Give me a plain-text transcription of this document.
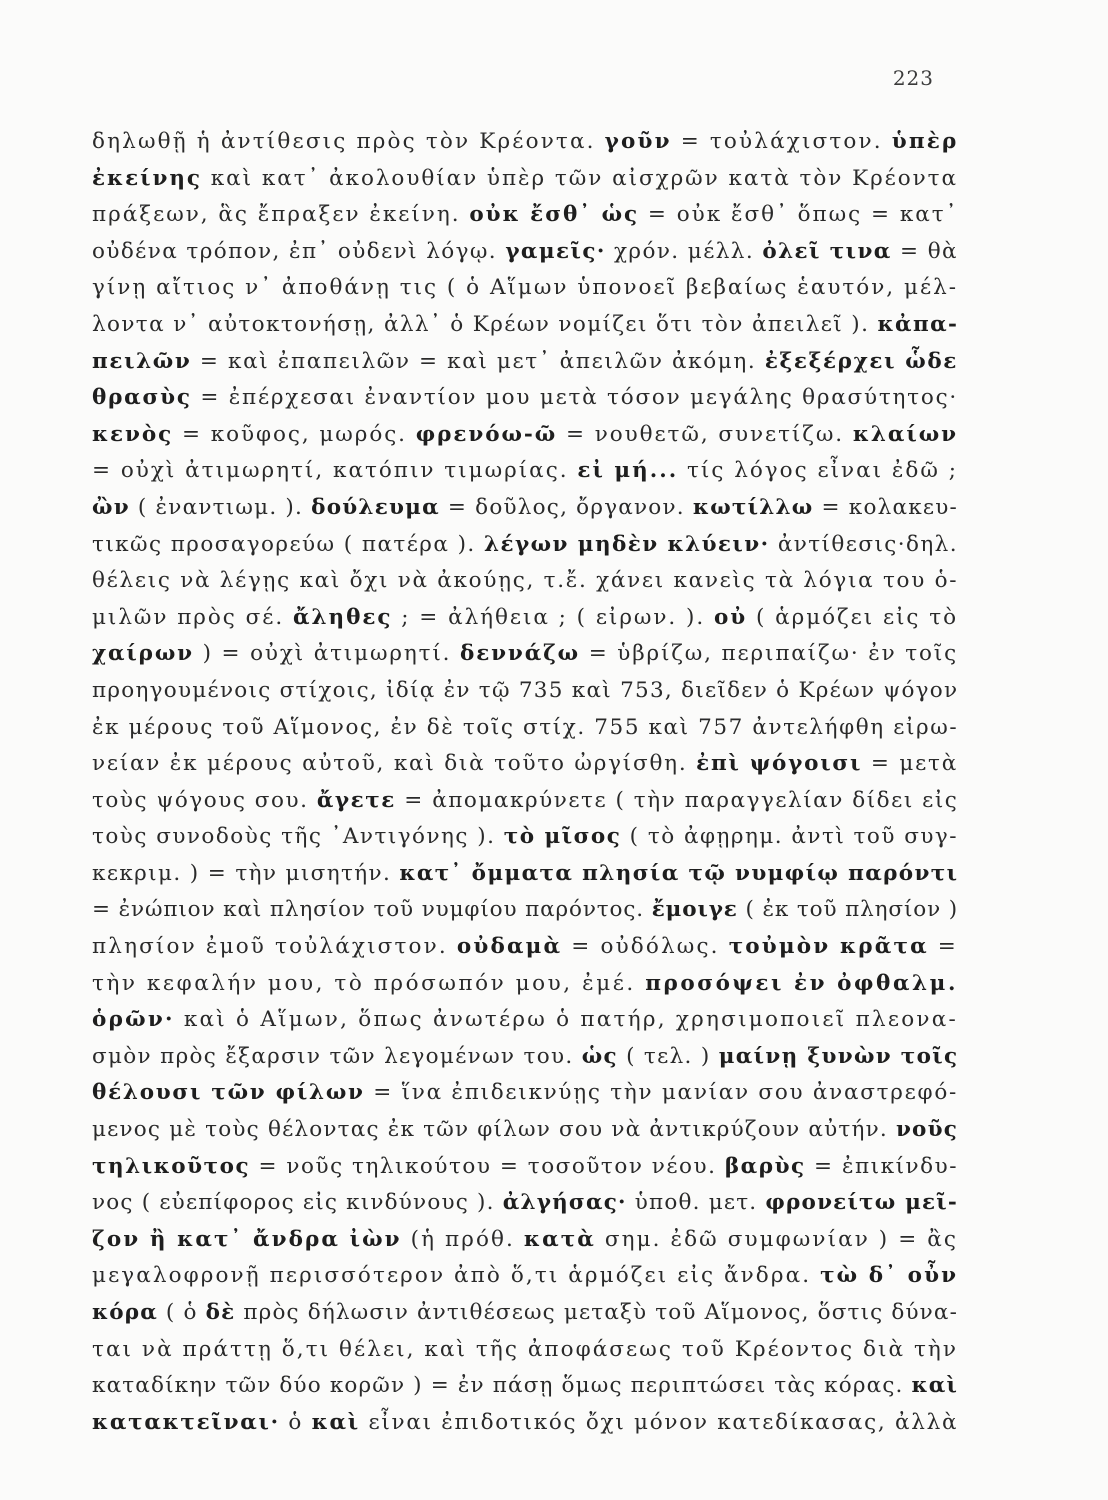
223
δηλωθῇ ἡ ἀντίθεσις πρὸς τὸν Κρέοντα. γοῦν = τοὐλάχιστον. ὑπὲρ
ἐκείνης καὶ κατ᾽ ἀκολουθίαν ὑπὲρ τῶν αἰσχρῶν κατὰ τὸν Κρέοντα
πράξεων, ἃς ἔπραξεν ἐκείνη. οὐκ ἔσθ᾽ ὡς = οὐκ ἔσθ᾽ ὅπως = κατ᾽
οὐδένα τρόπον, ἐπ᾽ οὐδενὶ λόγῳ. γαμεῖς· χρόν. μέλλ. ὀλεῖ τινα = θὰ
γίνῃ αἴτιος ν᾽ ἀποθάνῃ τις ( ὁ Αἵμων ὑπονοεῖ βεβαίως ἑαυτόν, μέλ-
λοντα ν᾽ αὐτοκτονήσῃ, ἀλλ᾽ ὁ Κρέων νομίζει ὅτι τὸν ἀπειλεῖ ). κἀπα-
πειλῶν = καὶ ἐπαπειλῶν = καὶ μετ᾽ ἀπειλῶν ἀκόμη. ἐξεξέρχει ὧδε
θρασὺς = ἐπέρχεσαι ἐναντίον μου μετὰ τόσον μεγάλης θρασύτητος·
κενὸς = κοῦφος, μωρός. φρενόω-ῶ = νουθετῶ, συνετίζω. κλαίων
= οὐχὶ ἀτιμωρητί, κατόπιν τιμωρίας. εἰ μή... τίς λόγος εἶναι ἐδῶ ;
ὢν ( ἐναντιωμ. ). δούλευμα = δοῦλος, ὄργανον. κωτίλλω = κολακευ-
τικῶς προσαγορεύω ( πατέρα ). λέγων μηδὲν κλύειν· ἀντίθεσις·δηλ.
θέλεις νὰ λέγῃς καὶ ὄχι νὰ ἀκούῃς, τ.ἔ. χάνει κανεὶς τὰ λόγια του ὁ-
μιλῶν πρὸς σέ. ἄληθες ; = ἀλήθεια ; ( εἰρων. ). οὐ ( ἁρμόζει εἰς τὸ
χαίρων ) = οὐχὶ ἀτιμωρητί. δεννάζω = ὑβρίζω, περιπαίζω· ἐν τοῖς
προηγουμένοις στίχοις, ἰδίᾳ ἐν τῷ 735 καὶ 753, διεῖδεν ὁ Κρέων ψόγον
ἐκ μέρους τοῦ Αἵμονος, ἐν δὲ τοῖς στίχ. 755 καὶ 757 ἀντελήφθη εἰρω-
νείαν ἐκ μέρους αὐτοῦ, καὶ διὰ τοῦτο ὠργίσθη. ἐπὶ ψόγοισι = μετὰ
τοὺς ψόγους σου. ἄγετε = ἀπομακρύνετε ( τὴν παραγγελίαν δίδει εἰς
τοὺς συνοδοὺς τῆς ᾽Αντιγόνης ). τὸ μῖσος ( τὸ ἀφῃρημ. ἀντὶ τοῦ συγ-
κεκριμ. ) = τὴν μισητήν. κατ᾽ ὄμματα πλησία τῷ νυμφίῳ παρόντι
= ἐνώπιον καὶ πλησίον τοῦ νυμφίου παρόντος. ἔμοιγε ( ἐκ τοῦ πλησίον )
πλησίον ἐμοῦ τοὐλάχιστον. οὐδαμὰ = οὐδόλως. τοὐμὸν κρᾶτα =
τὴν κεφαλήν μου, τὸ πρόσωπόν μου, ἐμέ. προσόψει ἐν ὀφθαλμ.
ὁρῶν· καὶ ὁ Αἵμων, ὅπως ἀνωτέρω ὁ πατήρ, χρησιμοποιεῖ πλεονα-
σμὸν πρὸς ἔξαρσιν τῶν λεγομένων του. ὡς ( τελ. ) μαίνῃ ξυνὼν τοῖς
θέλουσι τῶν φίλων = ἵνα ἐπιδεικνύῃς τὴν μανίαν σου ἀναστρεφό-
μενος μὲ τοὺς θέλοντας ἐκ τῶν φίλων σου νὰ ἀντικρύζουν αὐτήν. νοῦς
τηλικοῦτος = νοῦς τηλικούτου = τοσοῦτον νέου. βαρὺς = ἐπικίνδυ-
νος ( εὐεπίφορος εἰς κινδύνους ). ἀλγήσας· ὑποθ. μετ. φρονείτω μεῖ-
ζον ἢ κατ᾽ ἄνδρα ἰὼν (ἡ πρόθ. κατὰ σημ. ἐδῶ συμφωνίαν ) = ἂς
μεγαλοφρονῇ περισσότερον ἀπὸ ὅ,τι ἁρμόζει εἰς ἄνδρα. τὼ δ᾽ οὖν
κόρα ( ὁ δὲ πρὸς δήλωσιν ἀντιθέσεως μεταξὺ τοῦ Αἵμονος, ὅστις δύνα-
ται νὰ πράττῃ ὅ,τι θέλει, καὶ τῆς ἀποφάσεως τοῦ Κρέοντος διὰ τὴν
καταδίκην τῶν δύο κορῶν ) = ἐν πάσῃ ὅμως περιπτώσει τὰς κόρας. καὶ
κατακτεῖναι· ὁ καὶ εἶναι ἐπιδοτικός ὄχι μόνον κατεδίκασας, ἀλλὰ
